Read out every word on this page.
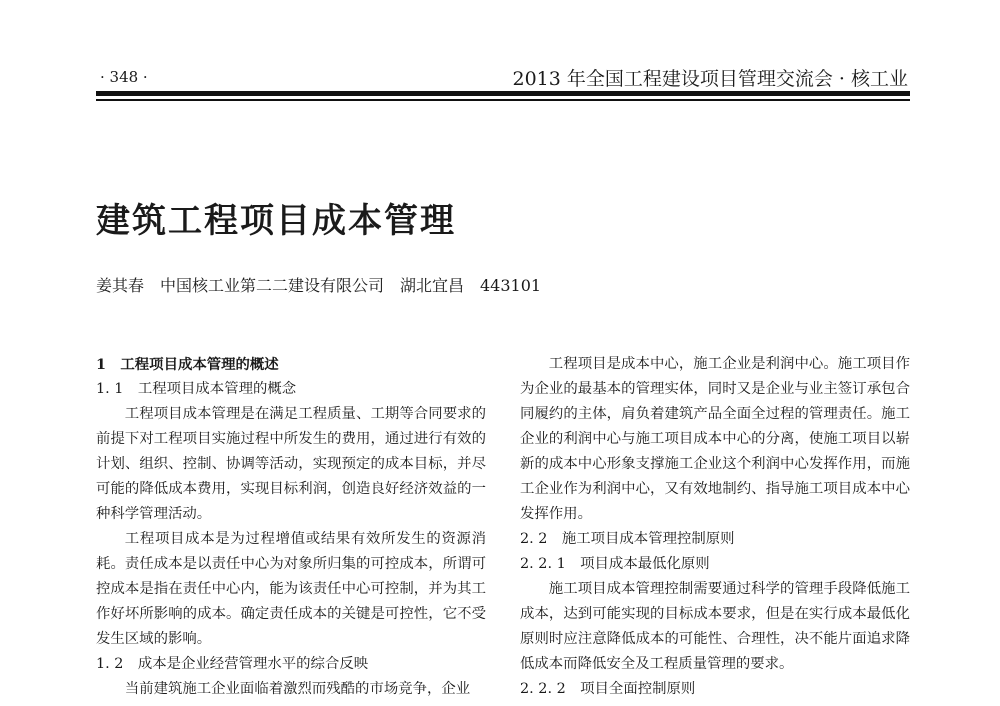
· 348 ·	2013 年全国工程建设项目管理交流会 · 核工业
建筑工程项目成本管理
姜其春　中国核工业第二二建设有限公司　湖北宜昌　443101

1　工程项目成本管理的概述

1. 1　工程项目成本管理的概念

工程项目成本管理是在满足工程质量、工期等合同要求的前提下对工程项目实施过程中所发生的费用，通过进行有效的计划、组织、控制、协调等活动，实现预定的成本目标，并尽可能的降低成本费用，实现目标利润，创造良好经济效益的一种科学管理活动。

工程项目成本是为过程增值或结果有效所发生的资源消耗。责任成本是以责任中心为对象所归集的可控成本，所谓可控成本是指在责任中心内，能为该责任中心可控制，并为其工作好坏所影响的成本。确定责任成本的关键是可控性，它不受发生区域的影响。

1. 2　成本是企业经营管理水平的综合反映

当前建筑施工企业面临着激烈而残酷的市场竞争，企业

工程项目是成本中心，施工企业是利润中心。施工项目作为企业的最基本的管理实体，同时又是企业与业主签订承包合同履约的主体，肩负着建筑产品全面全过程的管理责任。施工企业的利润中心与施工项目成本中心的分离，使施工项目以崭新的成本中心形象支撑施工企业这个利润中心发挥作用，而施工企业作为利润中心，又有效地制约、指导施工项目成本中心发挥作用。

2. 2　施工项目成本管理控制原则

2. 2. 1　项目成本最低化原则

施工项目成本管理控制需要通过科学的管理手段降低施工成本，达到可能实现的目标成本要求，但是在实行成本最低化原则时应注意降低成本的可能性、合理性，决不能片面追求降低成本而降低安全及工程质量管理的要求。

2. 2. 2　项目全面控制原则
